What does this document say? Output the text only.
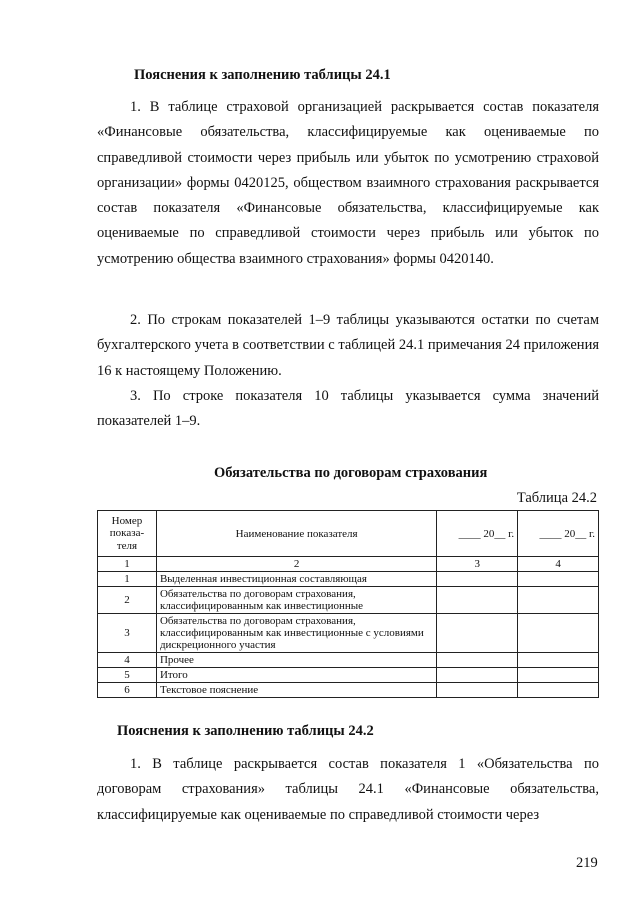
Пояснения к заполнению таблицы 24.1

1. В таблице страховой организацией раскрывается состав показателя «Финансовые обязательства, классифицируемые как оцениваемые по справедливой стоимости через прибыль или убыток по усмотрению страховой организации» формы 0420125, обществом взаимного страхования раскрывается состав показателя «Финансовые обязательства, классифицируемые как оцениваемые по справедливой стоимости через прибыль или убыток по усмотрению общества взаимного страхования» формы 0420140.

2. По строкам показателей 1–9 таблицы указываются остатки по счетам бухгалтерского учета в соответствии с таблицей 24.1 примечания 24 приложения 16 к настоящему Положению.

3. По строке показателя 10 таблицы указывается сумма значений показателей 1–9.

Обязательства по договорам страхования
Таблица 24.2
Номер показа-теля	Наименование показателя	____ 20__ г.	____ 20__ г.
1	2	3	4
1	Выделенная инвестиционная составляющая		
2	Обязательства по договорам страхования, классифицированным как инвестиционные		
3	Обязательства по договорам страхования, классифицированным как инвестиционные с условиями дискреционного участия		
4	Прочее		
5	Итого		
6	Текстовое пояснение		
Пояснения к заполнению таблицы 24.2

1. В таблице раскрывается состав показателя 1 «Обязательства по договорам страхования» таблицы 24.1 «Финансовые обязательства, классифицируемые как оцениваемые по справедливой стоимости через

219
